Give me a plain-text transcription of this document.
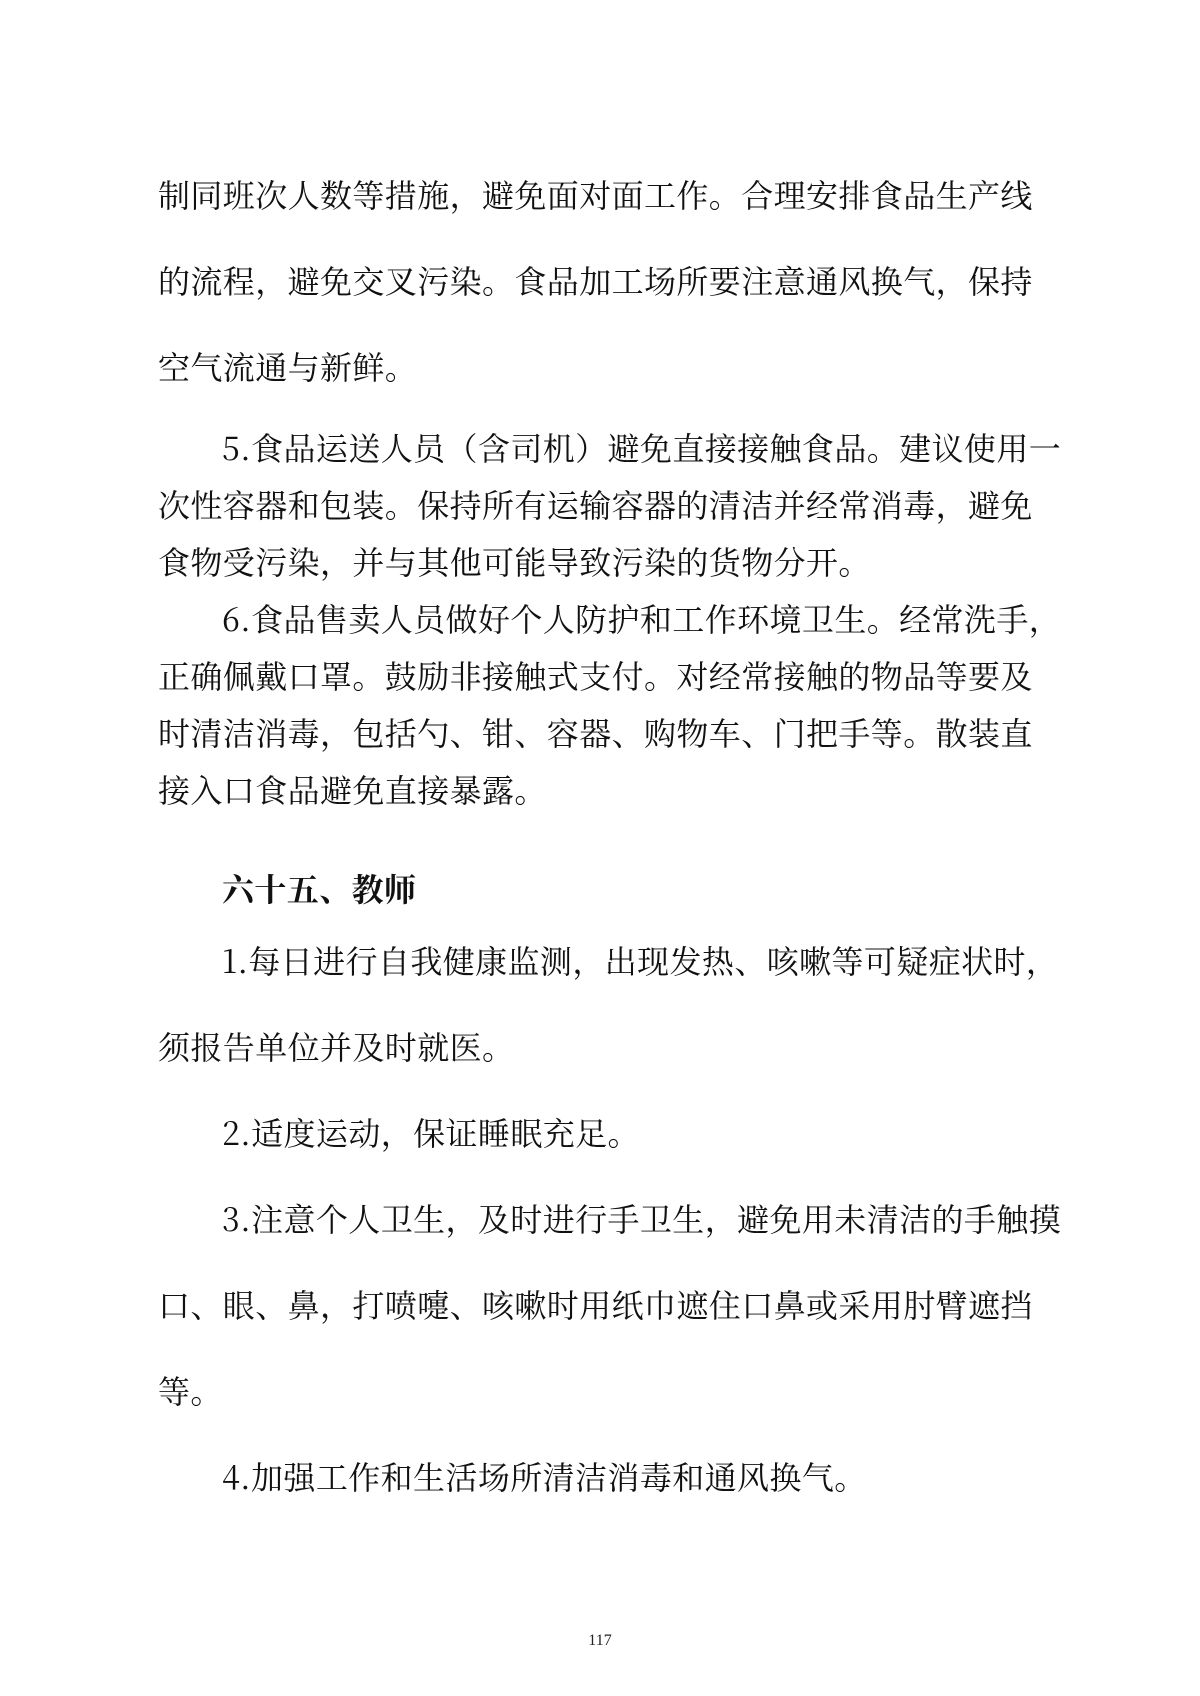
制同班次人数等措施，避免面对面工作。合理安排食品生产线
的流程，避免交叉污染。食品加工场所要注意通风换气，保持
空气流通与新鲜。
5.食品运送人员（含司机）避免直接接触食品。建议使用一
次性容器和包装。保持所有运输容器的清洁并经常消毒，避免
食物受污染，并与其他可能导致污染的货物分开。
6.食品售卖人员做好个人防护和工作环境卫生。经常洗手，
正确佩戴口罩。鼓励非接触式支付。对经常接触的物品等要及
时清洁消毒，包括勺、钳、容器、购物车、门把手等。散装直
接入口食品避免直接暴露。
六十五、教师
1.每日进行自我健康监测，出现发热、咳嗽等可疑症状时，
须报告单位并及时就医。
2.适度运动，保证睡眠充足。
3.注意个人卫生，及时进行手卫生，避免用未清洁的手触摸
口、眼、鼻，打喷嚏、咳嗽时用纸巾遮住口鼻或采用肘臂遮挡
等。
4.加强工作和生活场所清洁消毒和通风换气。
117
